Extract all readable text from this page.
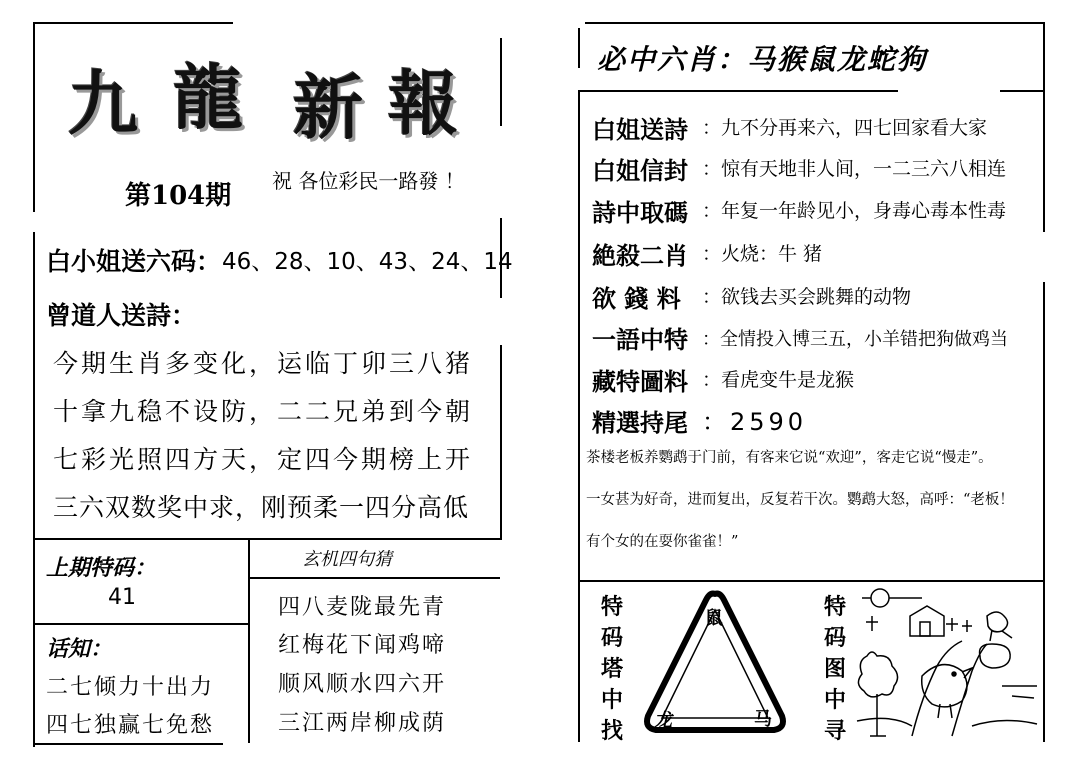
九 龍 新 報
第104期 祝 各位彩民一路發 ！
白小姐送六码： 46、28、10、43、24、14
曾道人送詩：
今期生肖多变化，运临丁卯三八猪
十拿九稳不设防，二二兄弟到今朝
七彩光照四方天，定四今期榜上开
三六双数奖中求，刚预柔一四分高低
上期特码：
41
玄机四句猜
四八麦陇最先青
红梅花下闻鸡啼
顺风顺水四六开
三江两岸柳成荫
话知：
二七倾力十出力
四七独赢七免愁
必中六肖：马猴鼠龙蛇狗
白姐送詩 ：九不分再来六，四七回家看大家
白姐信封 ：惊有天地非人间，一二三六八相连
詩中取碼 ：年复一年龄见小，身毒心毒本性毒
絶殺二肖 ：火烧：牛 猪
欲 錢 料 ：欲钱去买会跳舞的动物
一語中特 ：全情投入博三五，小羊错把狗做鸡当
藏特圖料 ：看虎变牛是龙猴
精選持尾 ：2590
茶楼老板养鹦鹉于门前，有客来它说“欢迎”，客走它说“慢走”。
一女甚为好奇，进而复出，反复若干次。鹦鹉大怒，高呼：“老板！
有个女的在耍你雀雀！”
特
码
塔
中
找
鼠
龙	马
特
码
图
中
寻
